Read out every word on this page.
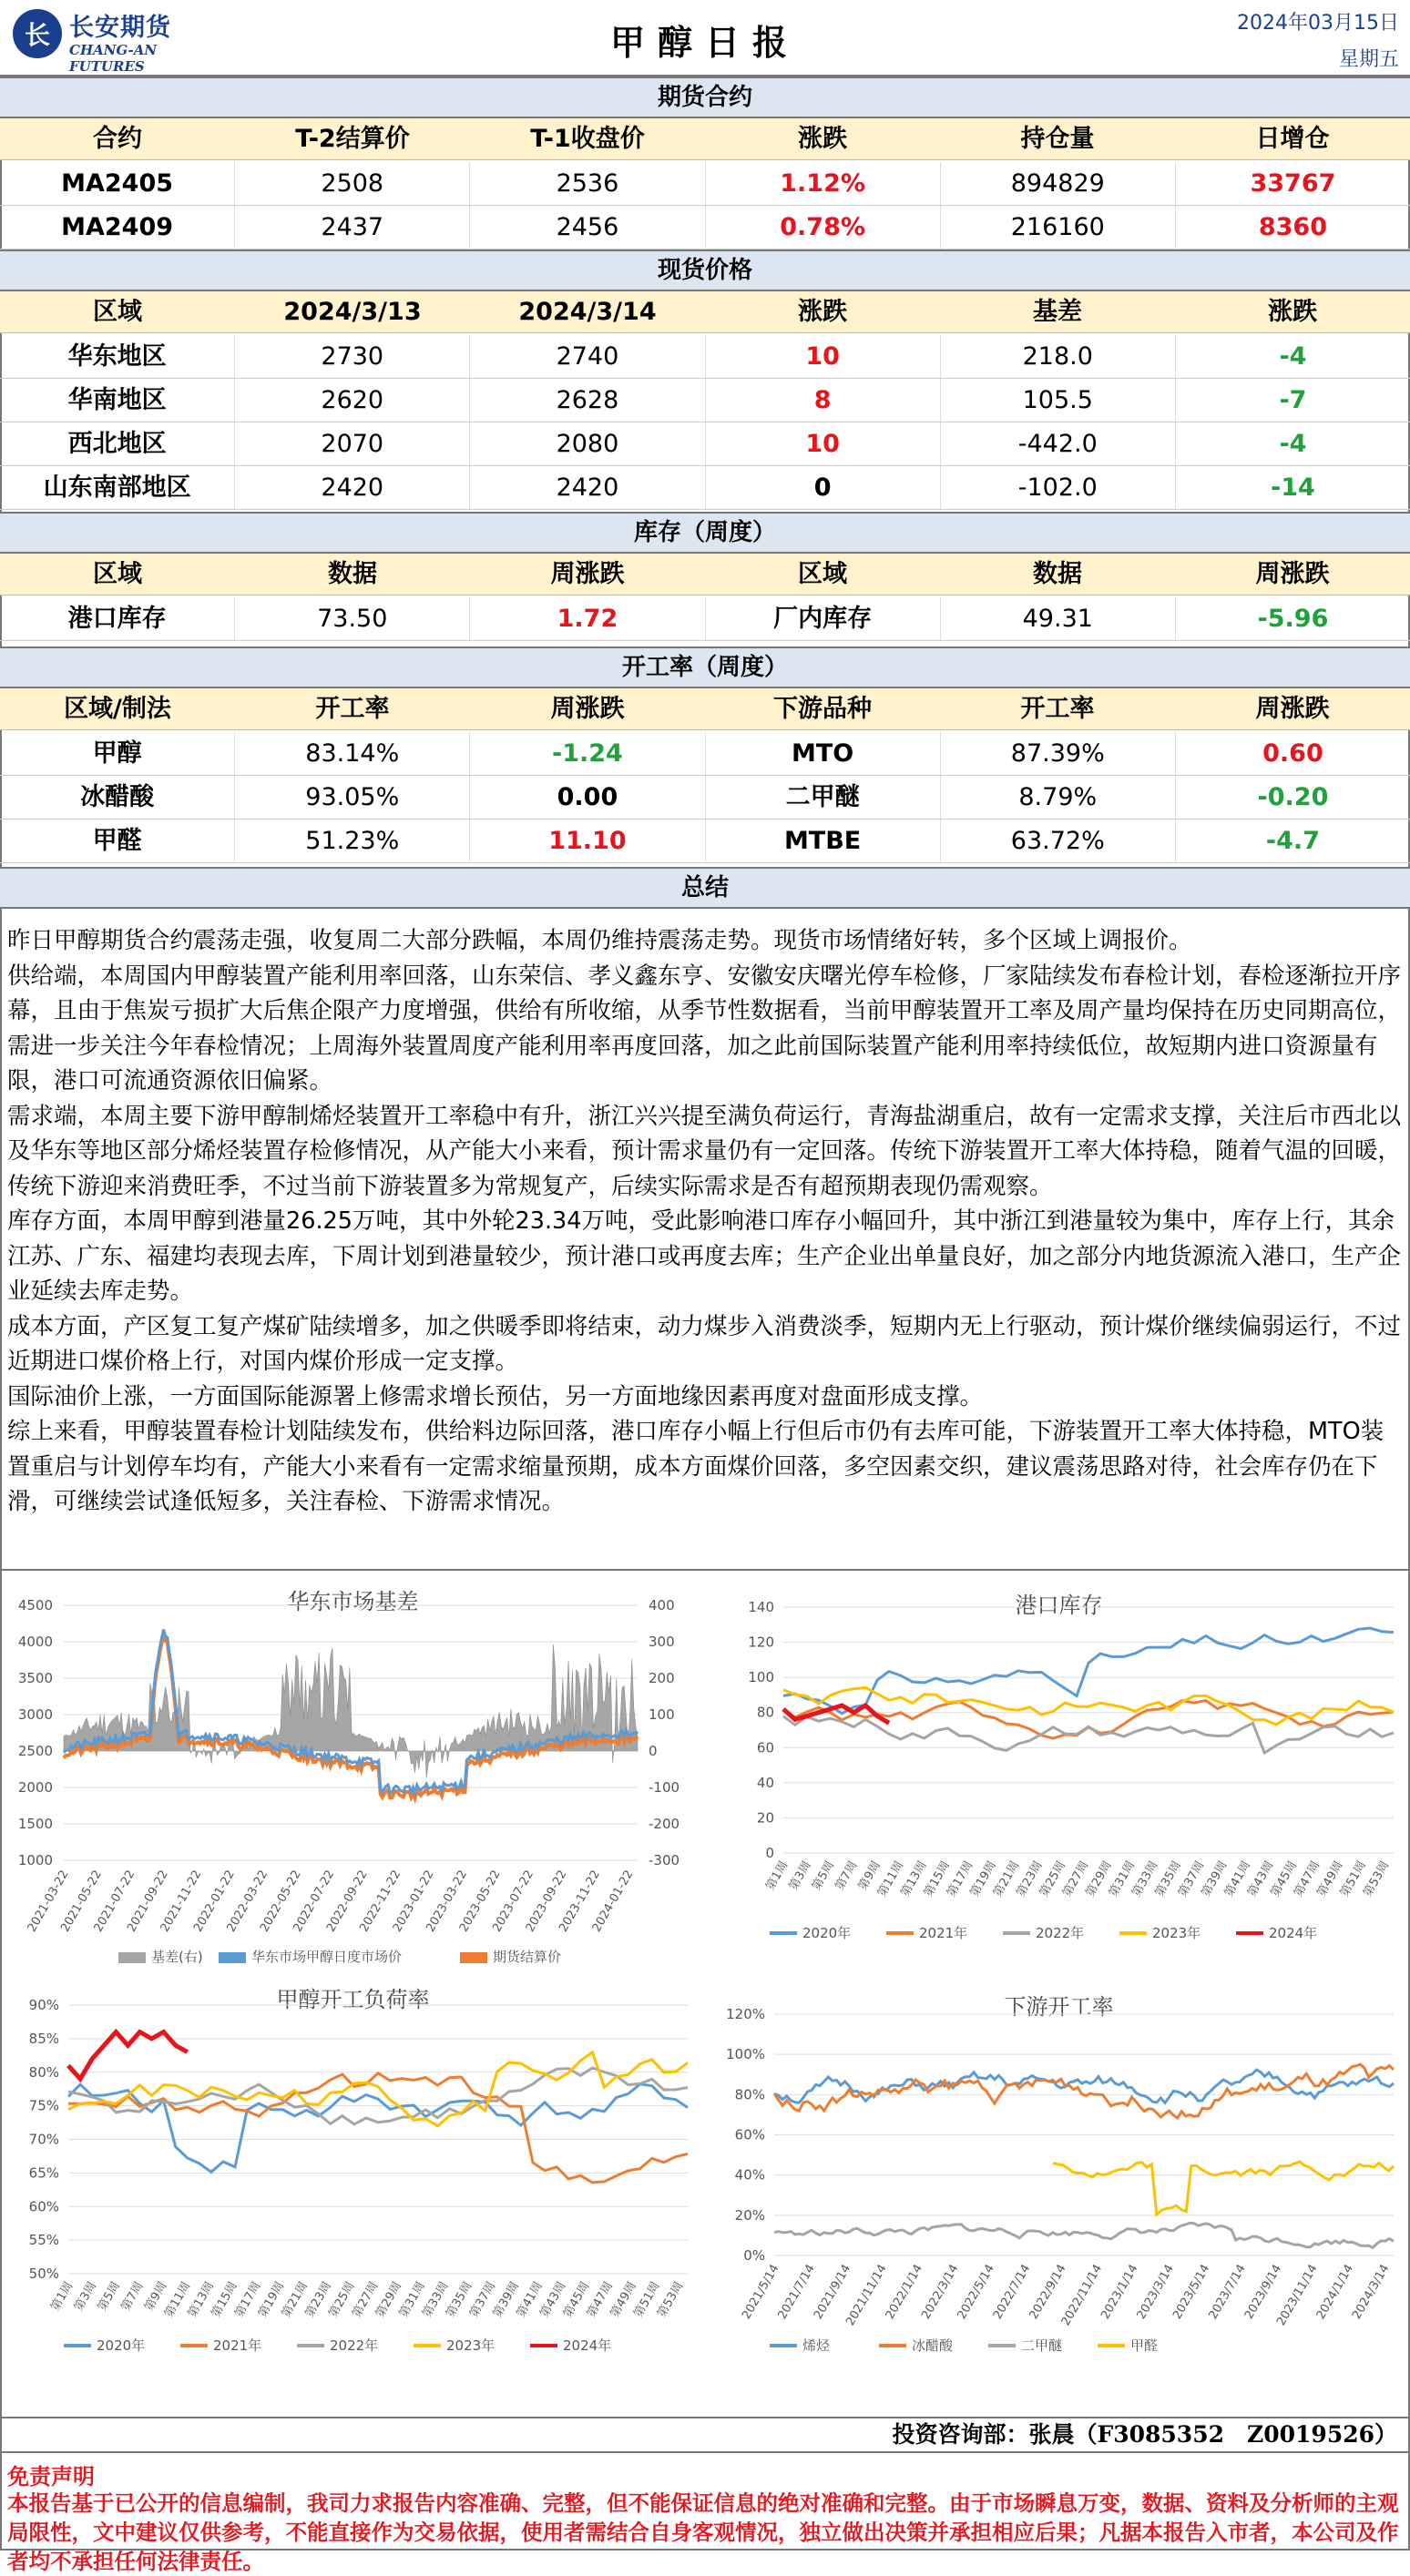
长 长安期货
CHANG-AN FUTURES
甲醇日报	2024年03月15日
星期五
期货合约
合约	T-2结算价	T-1收盘价	涨跌	持仓量	日增仓
MA2405	2508	2536	1.12%	894829	33767
MA2409	2437	2456	0.78%	216160	8360
现货价格
区域	2024/3/13	2024/3/14	涨跌	基差	涨跌
华东地区	2730	2740	10	218.0	-4
华南地区	2620	2628	8	105.5	-7
西北地区	2070	2080	10	-442.0	-4
山东南部地区	2420	2420	0	-102.0	-14
库存（周度）
区域	数据	周涨跌	区域	数据	周涨跌
港口库存	73.50	1.72	厂内库存	49.31	-5.96
开工率（周度）
区域/制法	开工率	周涨跌	下游品种	开工率	周涨跌
甲醇	83.14%	-1.24	MTO	87.39%	0.60
冰醋酸	93.05%	0.00	二甲醚	8.79%	-0.20
甲醛	51.23%	11.10	MTBE	63.72%	-4.7
总结

昨日甲醇期货合约震荡走强，收复周二大部分跌幅，本周仍维持震荡走势。现货市场情绪好转，多个区域上调报价。

供给端，本周国内甲醇装置产能利用率回落，山东荣信、孝义鑫东亨、安徽安庆曙光停车检修，厂家陆续发布春检计划，春检逐渐拉开序幕，且由于焦炭亏损扩大后焦企限产力度增强，供给有所收缩，从季节性数据看，当前甲醇装置开工率及周产量均保持在历史同期高位，需进一步关注今年春检情况；上周海外装置周度产能利用率再度回落，加之此前国际装置产能利用率持续低位，故短期内进口资源量有限，港口可流通资源依旧偏紧。

需求端，本周主要下游甲醇制烯烃装置开工率稳中有升，浙江兴兴提至满负荷运行，青海盐湖重启，故有一定需求支撑，关注后市西北以及华东等地区部分烯烃装置存检修情况，从产能大小来看，预计需求量仍有一定回落。传统下游装置开工率大体持稳，随着气温的回暖，传统下游迎来消费旺季，不过当前下游装置多为常规复产，后续实际需求是否有超预期表现仍需观察。

库存方面，本周甲醇到港量26.25万吨，其中外轮23.34万吨，受此影响港口库存小幅回升，其中浙江到港量较为集中，库存上行，其余江苏、广东、福建均表现去库，下周计划到港量较少，预计港口或再度去库；生产企业出单量良好，加之部分内地货源流入港口，生产企业延续去库走势。

成本方面，产区复工复产煤矿陆续增多，加之供暖季即将结束，动力煤步入消费淡季，短期内无上行驱动，预计煤价继续偏弱运行，不过近期进口煤价格上行，对国内煤价形成一定支撑。

国际油价上涨，一方面国际能源署上修需求增长预估，另一方面地缘因素再度对盘面形成支撑。

综上来看，甲醇装置春检计划陆续发布，供给料边际回落，港口库存小幅上行但后市仍有去库可能，下游装置开工率大体持稳，MTO装置重启与计划停车均有，产能大小来看有一定需求缩量预期，成本方面煤价回落，多空因素交织，建议震荡思路对待，社会库存仍在下滑，可继续尝试逢低短多，关注春检、下游需求情况。

华东市场基差
4500
4000
3500
3000
2500
2000
1500
1000
400
300
200
100
0
-100
-200
-300
2021-03-22
2021-05-22
2021-07-22
2021-09-22
2021-11-22
2022-01-22
2022-03-22
2022-05-22
2022-07-22
2022-09-22
2022-11-22
2023-01-22
2023-03-22
2023-05-22
2023-07-22
2023-09-22
2023-11-22
2024-01-22
基差(右)	华东市场甲醇日度市场价	期货结算价
港口库存
140
120
100
80
60
40
20
0
第1周
第3周
第5周
第7周
第9周
第11周
第13周
第15周
第17周
第19周
第21周
第23周
第25周
第27周
第29周
第31周
第33周
第35周
第37周
第39周
第41周
第43周
第45周
第47周
第49周
第51周
第53周
2020年	2021年	2022年	2023年	2024年
甲醇开工负荷率
90%
85%
80%
75%
70%
65%
60%
55%
50%
第1周
第3周
第5周
第7周
第9周
第11周
第13周
第15周
第17周
第19周
第21周
第23周
第25周
第27周
第29周
第31周
第33周
第35周
第37周
第39周
第41周
第43周
第45周
第47周
第49周
第51周
第53周
2020年	2021年	2022年	2023年	2024年
下游开工率
120%
100%
80%
60%
40%
20%
0%
2021/5/14
2021/7/14
2021/9/14
2021/11/14
2022/1/14
2022/3/14
2022/5/14
2022/7/14
2022/9/14
2022/11/14
2023/1/14
2023/3/14
2023/5/14
2023/7/14
2023/9/14
2023/11/14
2024/1/14
2024/3/14
烯烃	冰醋酸	二甲醚	甲醛
投资咨询部：张晨（F3085352　Z0019526）
免责声明
本报告基于已公开的信息编制，我司力求报告内容准确、完整，但不能保证信息的绝对准确和完整。由于市场瞬息万变，数据、资料及分析师的主观局限性，文中建议仅供参考，不能直接作为交易依据，使用者需结合自身客观情况，独立做出决策并承担相应后果；凡据本报告入市者，本公司及作者均不承担任何法律责任。
